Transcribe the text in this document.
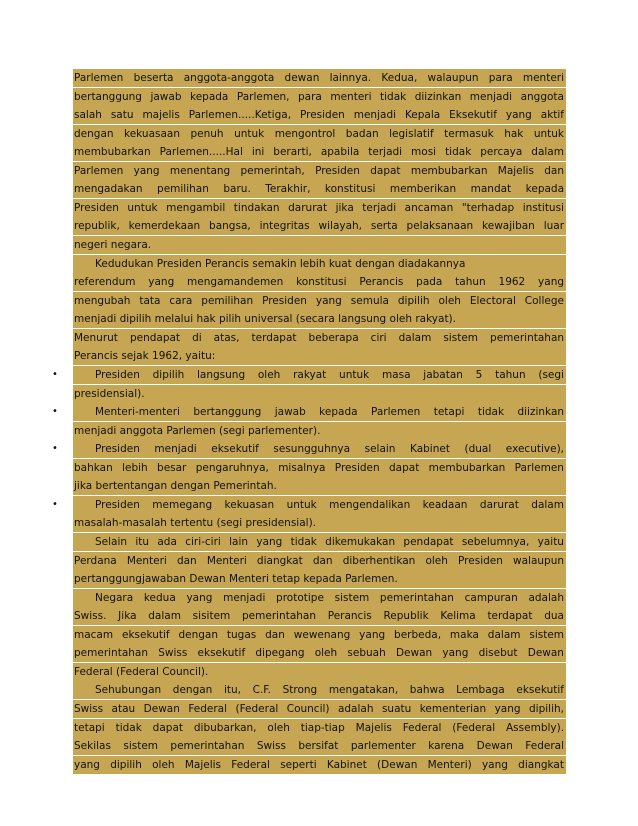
Parlemen beserta anggota-anggota dewan lainnya. Kedua, walaupun para menteri
bertanggung jawab kepada Parlemen, para menteri tidak diizinkan menjadi anggota
salah satu majelis Parlemen.....Ketiga, Presiden menjadi Kepala Eksekutif yang aktif
dengan kekuasaan penuh untuk mengontrol badan legislatif termasuk hak untuk
membubarkan Parlemen.....Hal ini berarti, apabila terjadi mosi tidak percaya dalam
Parlemen yang menentang pemerintah, Presiden dapat membubarkan Majelis dan
mengadakan pemilihan baru. Terakhir, konstitusi memberikan mandat kepada
Presiden untuk mengambil tindakan darurat jika terjadi ancaman "terhadap institusi
republik, kemerdekaan bangsa, integritas wilayah, serta pelaksanaan kewajiban luar
negeri negara.
Kedudukan Presiden Perancis semakin lebih kuat dengan diadakannya
referendum yang mengamandemen konstitusi Perancis pada tahun 1962 yang
mengubah tata cara pemilihan Presiden yang semula dipilih oleh Electoral College
menjadi dipilih melalui hak pilih universal (secara langsung oleh rakyat).
Menurut pendapat di atas, terdapat beberapa ciri dalam sistem pemerintahan
Perancis sejak 1962, yaitu:
Presiden dipilih langsung oleh rakyat untuk masa jabatan 5 tahun (segi
•
presidensial).
Menteri-menteri bertanggung jawab kepada Parlemen tetapi tidak diizinkan
•
menjadi anggota Parlemen (segi parlementer).
Presiden menjadi eksekutif sesungguhnya selain Kabinet (dual executive),
•
bahkan lebih besar pengaruhnya, misalnya Presiden dapat membubarkan Parlemen
jika bertentangan dengan Pemerintah.
Presiden memegang kekuasan untuk mengendalikan keadaan darurat dalam
•
masalah-masalah tertentu (segi presidensial).
Selain itu ada ciri-ciri lain yang tidak dikemukakan pendapat sebelumnya, yaitu
Perdana Menteri dan Menteri diangkat dan diberhentikan oleh Presiden walaupun
pertanggungjawaban Dewan Menteri tetap kepada Parlemen.
Negara kedua yang menjadi prototipe sistem pemerintahan campuran adalah
Swiss. Jika dalam sisitem pemerintahan Perancis Republik Kelima terdapat dua
macam eksekutif dengan tugas dan wewenang yang berbeda, maka dalam sistem
pemerintahan Swiss eksekutif dipegang oleh sebuah Dewan yang disebut Dewan
Federal (Federal Council).
Sehubungan dengan itu, C.F. Strong mengatakan, bahwa Lembaga eksekutif
Swiss atau Dewan Federal (Federal Council) adalah suatu kementerian yang dipilih,
tetapi tidak dapat dibubarkan, oleh tiap-tiap Majelis Federal (Federal Assembly).
Sekilas sistem pemerintahan Swiss bersifat parlementer karena Dewan Federal
yang dipilih oleh Majelis Federal seperti Kabinet (Dewan Menteri) yang diangkat
